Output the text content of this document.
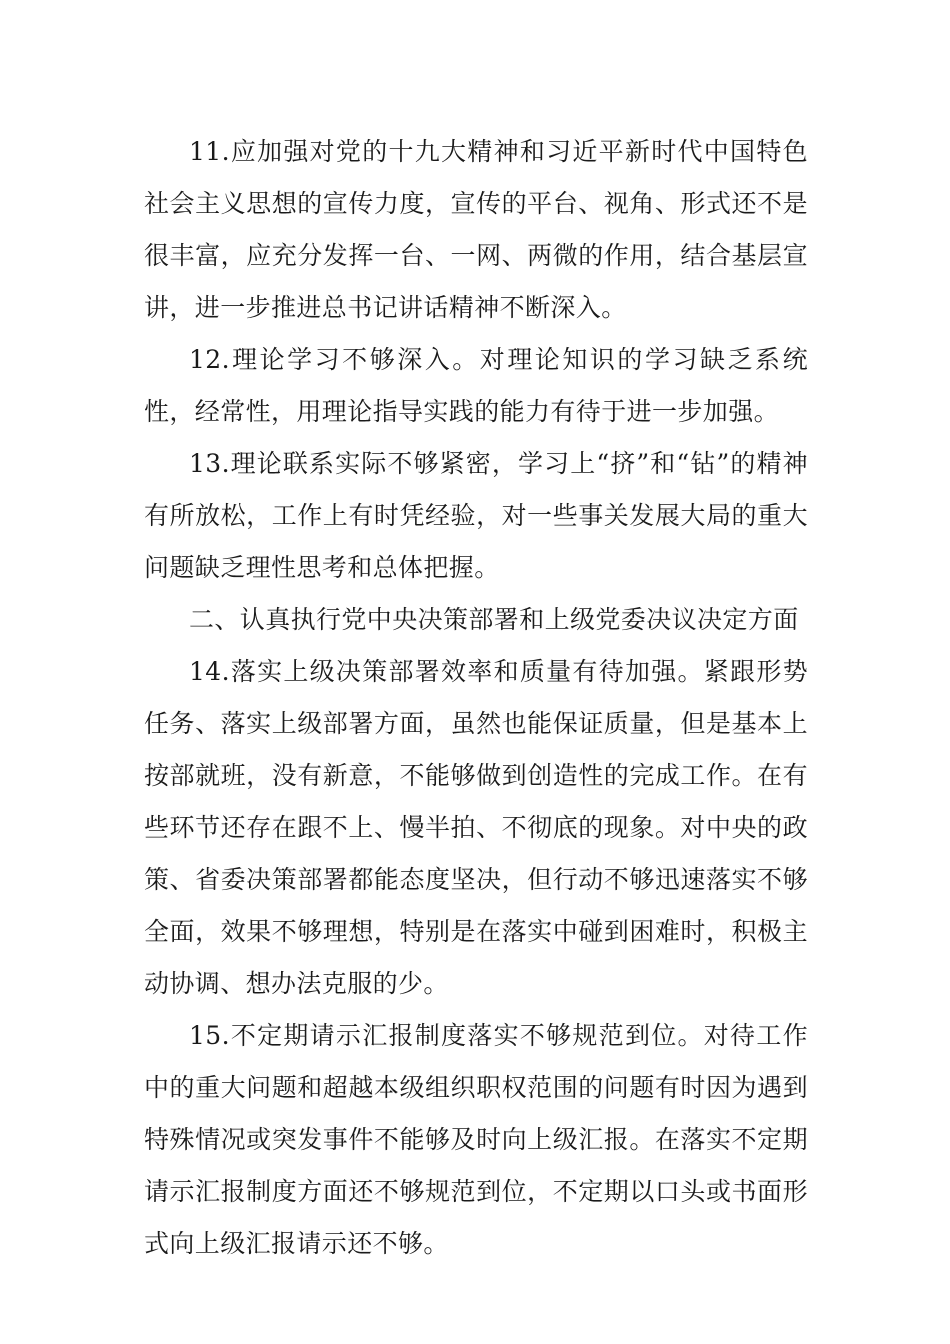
11.应加强对党的十九大精神和习近平新时代中国特色社会主义思想的宣传力度，宣传的平台、视角、形式还不是很丰富，应充分发挥一台、一网、两微的作用，结合基层宣讲，进一步推进总书记讲话精神不断深入。

12.理论学习不够深入。对理论知识的学习缺乏系统性，经常性，用理论指导实践的能力有待于进一步加强。

13.理论联系实际不够紧密，学习上“挤”和“钻”的精神有所放松，工作上有时凭经验，对一些事关发展大局的重大问题缺乏理性思考和总体把握。

二、认真执行党中央决策部署和上级党委决议决定方面

14.落实上级决策部署效率和质量有待加强。紧跟形势任务、落实上级部署方面，虽然也能保证质量，但是基本上按部就班，没有新意，不能够做到创造性的完成工作。在有些环节还存在跟不上、慢半拍、不彻底的现象。对中央的政策、省委决策部署都能态度坚决，但行动不够迅速落实不够全面，效果不够理想，特别是在落实中碰到困难时，积极主动协调、想办法克服的少。

15.不定期请示汇报制度落实不够规范到位。对待工作中的重大问题和超越本级组织职权范围的问题有时因为遇到特殊情况或突发事件不能够及时向上级汇报。在落实不定期请示汇报制度方面还不够规范到位，不定期以口头或书面形式向上级汇报请示还不够。
